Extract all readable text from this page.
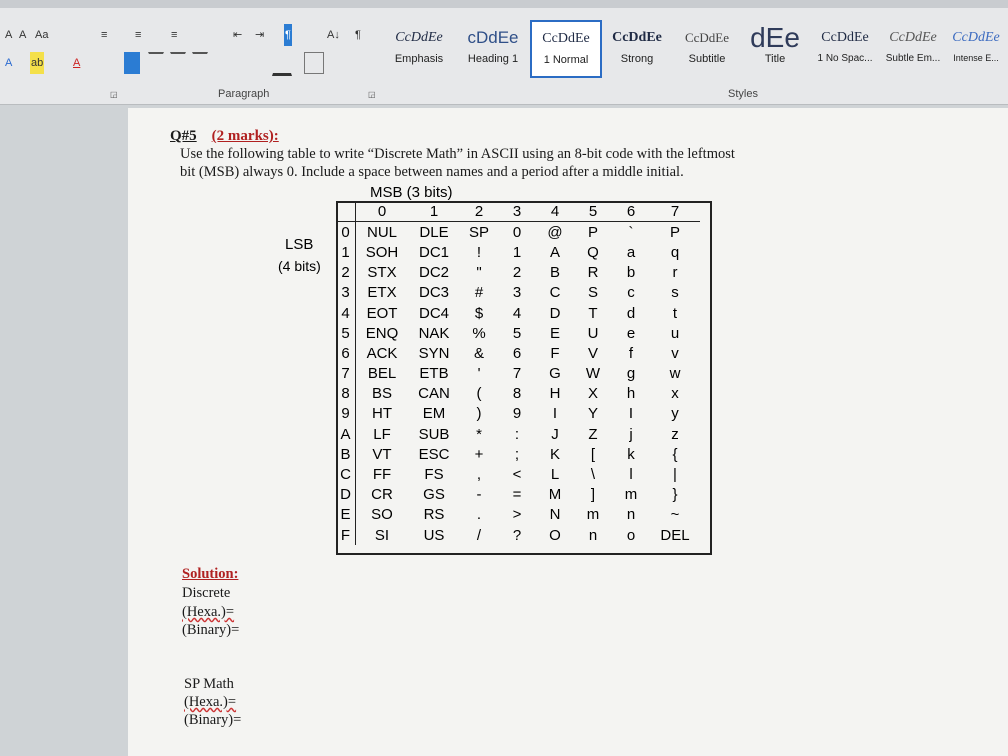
A A Aa	≡	≡	≡	⇤ ⇥ ¶	A↓ ¶
A ab	A
◲	Paragraph	◲	Styles
CcDdEe
Emphasis
cDdEe
Heading 1
CcDdEe
1 Normal
CcDdEe
Strong
CcDdEe
Subtitle
dEe
Title
CcDdEe
1 No Spac...
CcDdEe
Subtle Em...
CcDdEe
Intense E...
Q#5 (2 marks):
Use the following table to write “Discrete Math” in ASCII using an 8-bit code with the leftmost
bit (MSB) always 0. Include a space between names and a period after a middle initial.
MSB (3 bits)
LSB
(4 bits)
	0	1	2	3	4	5	6	7
0	NUL	DLE	SP	0	@	P	`	P
1	SOH	DC1	!	1	A	Q	a	q
2	STX	DC2	"	2	B	R	b	r
3	ETX	DC3	#	3	C	S	c	s
4	EOT	DC4	$	4	D	T	d	t
5	ENQ	NAK	%	5	E	U	e	u
6	ACK	SYN	&	6	F	V	f	v
7	BEL	ETB	'	7	G	W	g	w
8	BS	CAN	(	8	H	X	h	x
9	HT	EM	)	9	I	Y	I	y
A	LF	SUB	*	:	J	Z	j	z
B	VT	ESC	+	;	K	[	k	{
C	FF	FS	,	<	L	\	l	|
D	CR	GS	-	=	M	]	m	}
E	SO	RS	.	>	N	m	n	~
F	SI	US	/	?	O	n	o	DEL
Solution:
Discrete
(Hexa.)=
(Binary)=
SP Math
(Hexa.)=
(Binary)=
